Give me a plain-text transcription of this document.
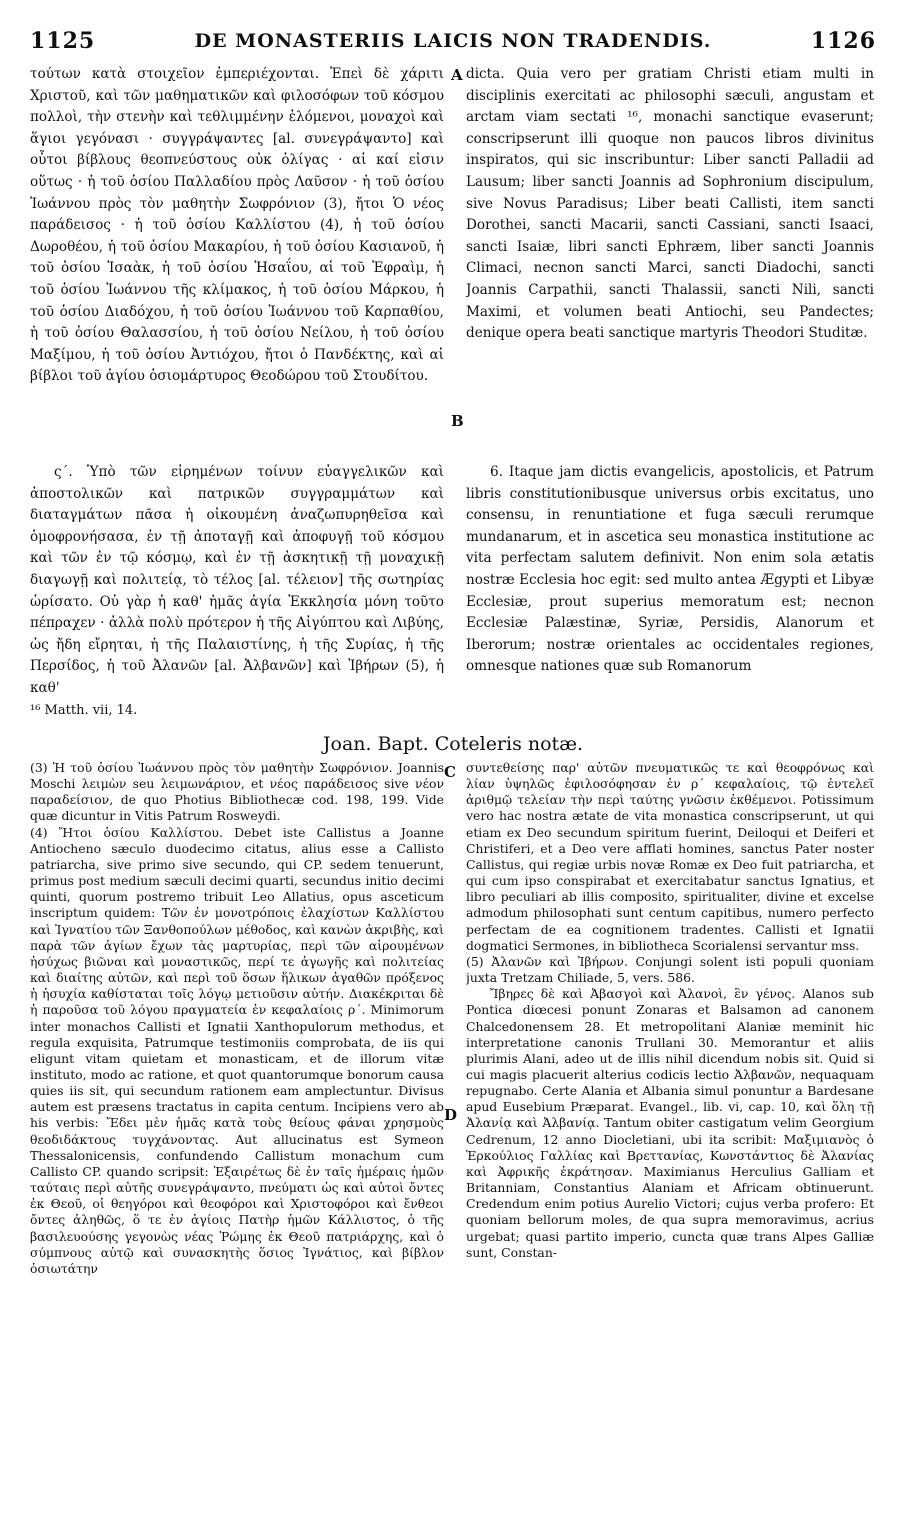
1125	DE MONASTERIIS LAICIS NON TRADENDIS.	1126

τούτων κατὰ στοιχεῖον ἐμπεριέχονται. Ἐπεὶ δὲ χάριτι Χριστοῦ, καὶ τῶν μαθηματικῶν καὶ φιλοσόφων τοῦ κόσμου πολλοὶ, τὴν στενὴν καὶ τεθλιμμένην ἑλόμενοι, μοναχοὶ καὶ ἅγιοι γεγόνασι · συγγράψαντες [al. συνεγράψαντο] καὶ οὗτοι βίβλους θεοπνεύστους οὐκ ὀλίγας · αἱ καί εἰσιν οὕτως · ἡ τοῦ ὁσίου Παλλαδίου πρὸς Λαῦσον · ἡ τοῦ ὁσίου Ἰωάννου πρὸς τὸν μαθητὴν Σωφρόνιον (3), ἤτοι Ὁ νέος παράδεισος · ἡ τοῦ ὁσίου Καλλίστου (4), ἡ τοῦ ὁσίου Δωροθέου, ἡ τοῦ ὁσίου Μακαρίου, ἡ τοῦ ὁσίου Κασιανοῦ, ἡ τοῦ ὁσίου Ἰσαὰκ, ἡ τοῦ ὁσίου Ἡσαΐου, αἱ τοῦ Ἐφραὶμ, ἡ τοῦ ὁσίου Ἰωάννου τῆς κλίμακος, ἡ τοῦ ὁσίου Μάρκου, ἡ τοῦ ὁσίου Διαδόχου, ἡ τοῦ ὁσίου Ἰωάννου τοῦ Καρπαθίου, ἡ τοῦ ὁσίου Θαλασσίου, ἡ τοῦ ὁσίου Νείλου, ἡ τοῦ ὁσίου Μαξίμου, ἡ τοῦ ὁσίου Ἀντιόχου, ἤτοι ὁ Πανδέκτης, καὶ αἱ βίβλοι τοῦ ἁγίου ὁσιομάρτυρος Θεοδώρου τοῦ Στουδίτου.

dicta. Quia vero per gratiam Christi etiam multi in disciplinis exercitati ac philosophi sæculi, angustam et arctam viam sectati ¹⁶, monachi sanctique evaserunt; conscripserunt illi quoque non paucos libros divinitus inspiratos, qui sic inscribuntur: Liber sancti Palladii ad Lausum; liber sancti Joannis ad Sophronium discipulum, sive Novus Paradisus; Liber beati Callisti, item sancti Dorothei, sancti Macarii, sancti Cassiani, sancti Isaaci, sancti Isaiæ, libri sancti Ephræm, liber sancti Joannis Climaci, necnon sancti Marci, sancti Diadochi, sancti Joannis Carpathii, sancti Thalassii, sancti Nili, sancti Maximi, et volumen beati Antiochi, seu Pandectes; denique opera beati sanctique martyris Theodori Studitæ.

ς΄. Ὑπὸ τῶν εἰρημένων τοίνυν εὐαγγελικῶν καὶ ἀποστολικῶν καὶ πατρικῶν συγγραμμάτων καὶ διαταγμάτων πᾶσα ἡ οἰκουμένη ἀναζωπυρηθεῖσα καὶ ὁμοφρονήσασα, ἐν τῇ ἀποταγῇ καὶ ἀποφυγῇ τοῦ κόσμου καὶ τῶν ἐν τῷ κόσμῳ, καὶ ἐν τῇ ἀσκητικῇ τῇ μοναχικῇ διαγωγῇ καὶ πολιτείᾳ, τὸ τέλος [al. τέλειον] τῆς σωτηρίας ὡρίσατο. Οὐ γὰρ ἡ καθ' ἡμᾶς ἁγία Ἐκκλησία μόνη τοῦτο πέπραχεν · ἀλλὰ πολὺ πρότερον ἡ τῆς Αἰγύπτου καὶ Λιβύης, ὡς ἤδη εἴρηται, ἡ τῆς Παλαιστίνης, ἡ τῆς Συρίας, ἡ τῆς Περσίδος, ἡ τοῦ Ἀλανῶν [al. Ἀλβανῶν] καὶ Ἰβήρων (5), ἡ καθ'

¹⁶ Matth. vii, 14.

6. Itaque jam dictis evangelicis, apostolicis, et Patrum libris constitutionibusque universus orbis excitatus, uno consensu, in renuntiatione et fuga sæculi rerumque mundanarum, et in ascetica seu monastica institutione ac vita perfectam salutem definivit. Non enim sola ætatis nostræ Ecclesia hoc egit: sed multo antea Ægypti et Libyæ Ecclesiæ, prout superius memoratum est; necnon Ecclesiæ Palæstinæ, Syriæ, Persidis, Alanorum et Iberorum; nostræ orientales ac occidentales regiones, omnesque nationes quæ sub Romanorum

Joan. Bapt. Coteleris notæ.

(3) Ἡ τοῦ ὁσίου Ἰωάννου πρὸς τὸν μαθητὴν Σωφρόνιον. Joannis Moschi λειμὼν seu λειμωνάριον, et νέος παράδεισος sive νέον παραδείσιον, de quo Photius Bibliothecæ cod. 198, 199. Vide quæ dicuntur in Vitis Patrum Rosweydi.

(4) Ἤτοι ὁσίου Καλλίστου. Debet iste Callistus a Joanne Antiocheno sæculo duodecimo citatus, alius esse a Callisto patriarcha, sive primo sive secundo, qui CP. sedem tenuerunt, primus post medium sæculi decimi quarti, secundus initio decimi quinti, quorum postremo tribuit Leo Allatius, opus asceticum inscriptum quidem: Τῶν ἐν μονοτρόποις ἐλαχίστων Καλλίστου καὶ Ἰγνατίου τῶν Ξανθοπούλων μέθοδος, καὶ κανὼν ἀκριβὴς, καὶ παρὰ τῶν ἁγίων ἔχων τὰς μαρτυρίας, περὶ τῶν αἱρουμένων ἡσύχως βιῶναι καὶ μοναστικῶς, περί τε ἀγωγῆς καὶ πολιτείας καὶ διαίτης αὐτῶν, καὶ περὶ τοῦ ὅσων ἥλικων ἀγαθῶν πρόξενος ἡ ἡσυχία καθίσταται τοῖς λόγῳ μετιοῦσιν αὐτήν. Διακέκριται δὲ ἡ παροῦσα τοῦ λόγου πραγματεία ἐν κεφαλαίοις ρ΄. Minimorum inter monachos Callisti et Ignatii Xanthopulorum methodus, et regula exquisita, Patrumque testimoniis comprobata, de iis qui eligunt vitam quietam et monasticam, et de illorum vitæ instituto, modo ac ratione, et quot quantorumque bonorum causa quies iis sit, qui secundum rationem eam amplectuntur. Divisus autem est præsens tractatus in capita centum. Incipiens vero ab his verbis: Ἔδει μὲν ἡμᾶς κατὰ τοὺς θείους φάναι χρησμοὺς θεοδιδάκτους τυγχάνοντας. Aut allucinatus est Symeon Thessalonicensis, confundendo Callistum monachum cum Callisto CP. quando scripsit: Ἐξαιρέτως δὲ ἐν ταῖς ἡμέραις ἡμῶν ταύταις περὶ αὐτῆς συνεγράψαντο, πνεύματι ὡς καὶ αὐτοὶ ὄντες ἐκ Θεοῦ, οἱ θεηγόροι καὶ θεοφόροι καὶ Χριστοφόροι καὶ ἔνθεοι ὄντες ἀληθῶς, ὅ τε ἐν ἁγίοις Πατὴρ ἡμῶν Κάλλιστος, ὁ τῆς βασιλευούσης γεγονὼς νέας Ῥώμης ἐκ Θεοῦ πατριάρχης, καὶ ὁ σύμπνους αὐτῷ καὶ συνασκητὴς ὅσιος Ἰγνάτιος, καὶ βίβλον ὁσιωτάτην

συντεθείσης παρ' αὐτῶν πνευματικῶς τε καὶ θεοφρόνως καὶ λίαν ὑψηλῶς ἐφιλοσόφησαν ἐν ρ΄ κεφαλαίοις, τῷ ἐντελεῖ ἀριθμῷ τελείαν τὴν περὶ ταύτης γνῶσιν ἐκθέμενοι. Potissimum vero hac nostra ætate de vita monastica conscripserunt, ut qui etiam ex Deo secundum spiritum fuerint, Deiloqui et Deiferi et Christiferi, et a Deo vere afflati homines, sanctus Pater noster Callistus, qui regiæ urbis novæ Romæ ex Deo fuit patriarcha, et qui cum ipso conspirabat et exercitabatur sanctus Ignatius, et libro peculiari ab illis composito, spiritualiter, divine et excelse admodum philosophati sunt centum capitibus, numero perfecto perfectam de ea cognitionem tradentes. Callisti et Ignatii dogmatici Sermones, in bibliotheca Scorialensi servantur mss.

(5) Ἀλανῶν καὶ Ἰβήρων. Conjungi solent isti populi quoniam juxta Tretzam Chiliade, 5, vers. 586.

Ἴβηρες δὲ καὶ Ἀβασγοὶ καὶ Ἀλανοὶ, ἓν γένος. Alanos sub Pontica diœcesi ponunt Zonaras et Balsamon ad canonem Chalcedonensem 28. Et metropolitani Alaniæ meminit hic interpretatione canonis Trullani 30. Memorantur et aliis plurimis Alani, adeo ut de illis nihil dicendum nobis sit. Quid si cui magis placuerit alterius codicis lectio Ἀλβανῶν, nequaquam repugnabo. Certe Alania et Albania simul ponuntur a Bardesane apud Eusebium Præparat. Evangel., lib. vi, cap. 10, καὶ ὅλη τῇ Ἀλανίᾳ καὶ Ἀλβανίᾳ. Tantum obiter castigatum velim Georgium Cedrenum, 12 anno Diocletiani, ubi ita scribit: Μαξιμιανὸς ὁ Ἑρκούλιος Γαλλίας καὶ Βρεττανίας, Κωνστάντιος δὲ Ἀλανίας καὶ Ἀφρικῆς ἐκράτησαν. Maximianus Herculius Galliam et Britanniam, Constantius Alaniam et Africam obtinuerunt. Credendum enim potius Aurelio Victori; cujus verba profero: Et quoniam bellorum moles, de qua supra memoravimus, acrius urgebat; quasi partito imperio, cuncta quæ trans Alpes Galliæ sunt, Constan-

A
B
C
D
